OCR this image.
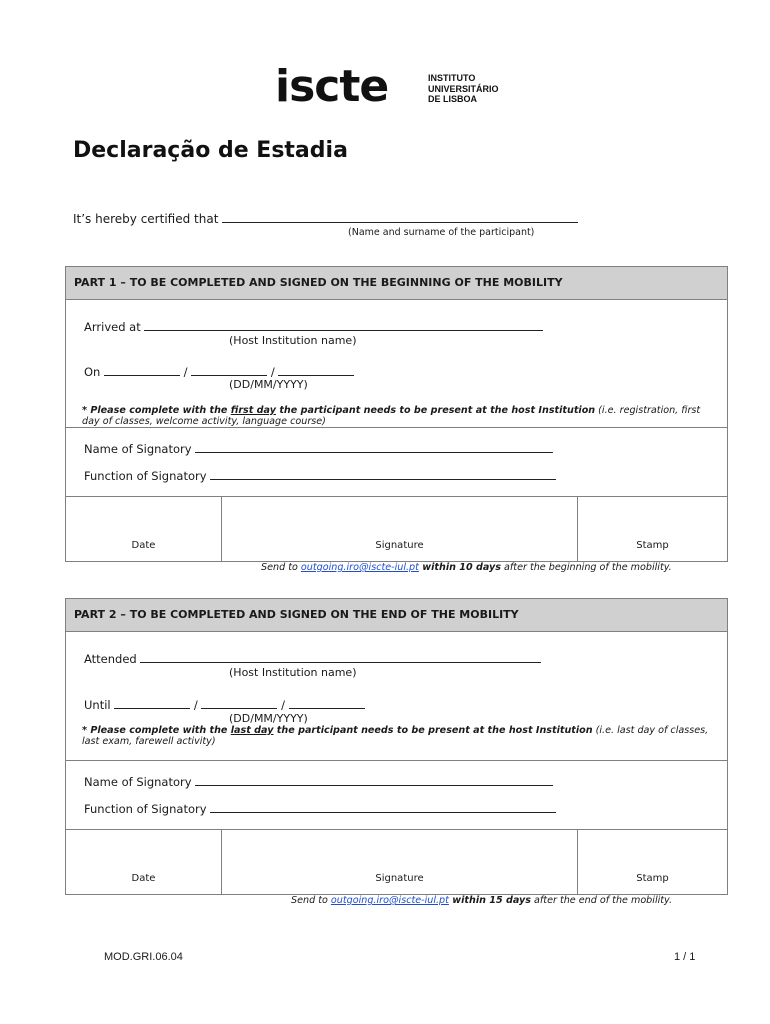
iscte	INSTITUTO
UNIVERSITÁRIO
DE LISBOA
Declaração de Estadia
It’s hereby certified that
(Name and surname of the participant)
PART 1 – TO BE COMPLETED AND SIGNED ON THE BEGINNING OF THE MOBILITY
Arrived at
(Host Institution name)
On	/	/
(DD/MM/YYYY)
* Please complete with the first day the participant needs to be present at the host Institution (i.e. registration, first day of classes, welcome activity, language course)
Name of Signatory
Function of Signatory
Date	Signature	Stamp
Send to outgoing.iro@iscte-iul.pt within 10 days after the beginning of the mobility.
PART 2 – TO BE COMPLETED AND SIGNED ON THE END OF THE MOBILITY
Attended
(Host Institution name)
Until	/	/
(DD/MM/YYYY)
* Please complete with the last day the participant needs to be present at the host Institution (i.e. last day of classes, last exam, farewell activity)
Name of Signatory
Function of Signatory
Date	Signature	Stamp
Send to outgoing.iro@iscte-iul.pt within 15 days after the end of the mobility.
MOD.GRI.06.04	1 / 1
